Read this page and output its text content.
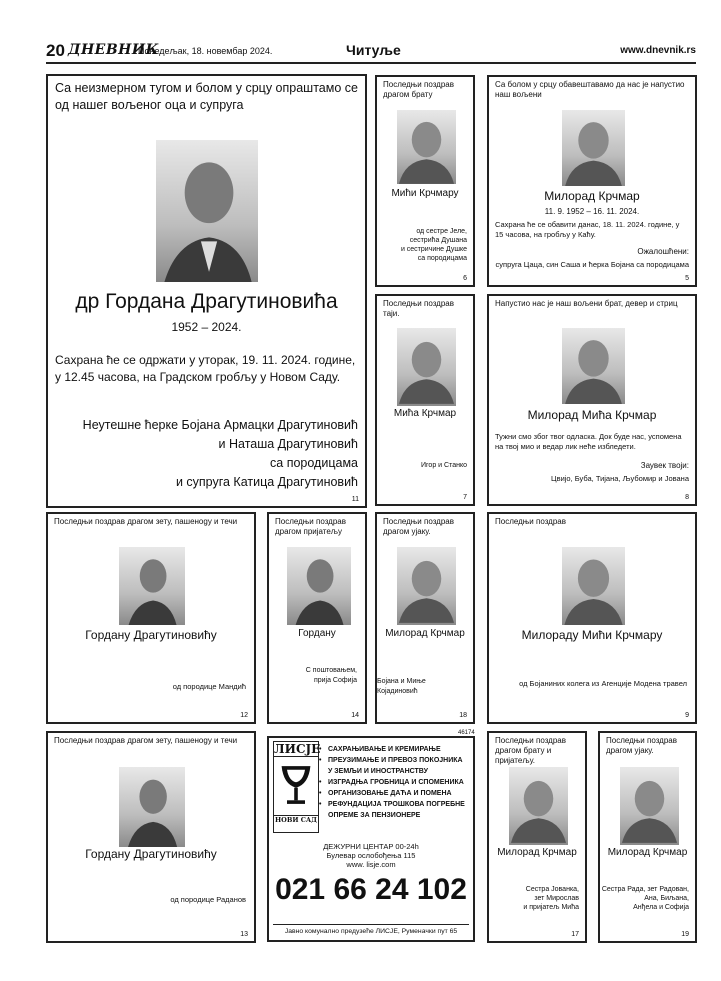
20 ДНЕВНИК
Понедељак, 18. новембар 2024.	Читуље	www.dnevnik.rs
Са неизмерном тугом и болом у срцу опраштамо се од нашег вољеног оца и супруга
др Гордана Драгутиновића
1952 – 2024.
Сахрана ће се одржати у уторак, 19. 11. 2024. године, у 12.45 часова, на Градском гробљу у Новом Саду.
Неутешне ћерке Бојана Армацки Драгутиновић
и Наташа Драгутиновић
са породицама
и супруга Катица Драгутиновић
11
Последњи поздрав драгом брату
Мићи Крчмару
од сестре Јеле,
сестрића Душана
и сестричине Душке
са породицама
6
Са болом у срцу обавештавамо да нас је напустио наш вољени
Милорад Крчмар
11. 9. 1952 – 16. 11. 2024.
Сахрана ће се обавити данас, 18. 11. 2024. године, у 15 часова, на гробљу у Каћу.
Ожалошћени:
супруга Цаца, син Саша и ћерка Бојана са породицама
5
Последњи поздрав таји.
Мића Крчмар
Игор и Станко
7
Напустио нас је наш вољени брат, девер и стриц
Милорад Мића Крчмар
Тужни смо због твог одласка. Док буде нас, успомена на твој мио и ведар лик неће избледети.
Заувек твоји:
Цвијо, Буба, Тијана, Љубомир и Јована
8
Последњи поздрав драгом зету, пашеноgу и течи
Гордану Драгутиновићу
од породице Мандић
12
Последњи поздрав драгом пријатељу
Гордану
С поштовањем,
прија Софија
14
Последњи поздрав драгом ујаку.
Милорад Крчмар
Бојана и Миње Којадиновић
18
Последњи поздрав
Милораду Мићи Крчмару
од Бојаниних колега из Агенције Модена травел
9
Последњи поздрав драгом зету, пашеноgу и течи
Гордану Драгутиновићу
од породице Раданов
13
46174
ЛИСЈЕ
НОВИ САД
• САХРАЊИВАЊЕ И КРЕМИРАЊЕ
• ПРЕУЗИМАЊЕ И ПРЕВОЗ ПОКОЈНИКА У ЗЕМЉИ И ИНОСТРАНСТВУ
• ИЗГРАДЊА ГРОБНИЦА И СПОМЕНИКА
• ОРГАНИЗОВАЊЕ ДАЋА И ПОМЕНА
• РЕФУНДАЦИЈА ТРОШКОВА ПОГРЕБНЕ ОПРЕМЕ ЗА ПЕНЗИОНЕРЕ
ДЕЖУРНИ ЦЕНТАР 00-24h
Булевар ослобођења 115
www. lisje.com
021 66 24 102
Јавно комунално предузеће ЛИСЈЕ, Руменачки пут 65
Последњи поздрав драгом брату и пријатељу.
Милорад Крчмар
Сестра Јованка,
зет Мирослав
и пријатељ Мића
17
Последњи поздрав драгом ујаку.
Милорад Крчмар
Сестра Рада, зет Радован,
Ана, Биљана,
Анђела и Софија
19
